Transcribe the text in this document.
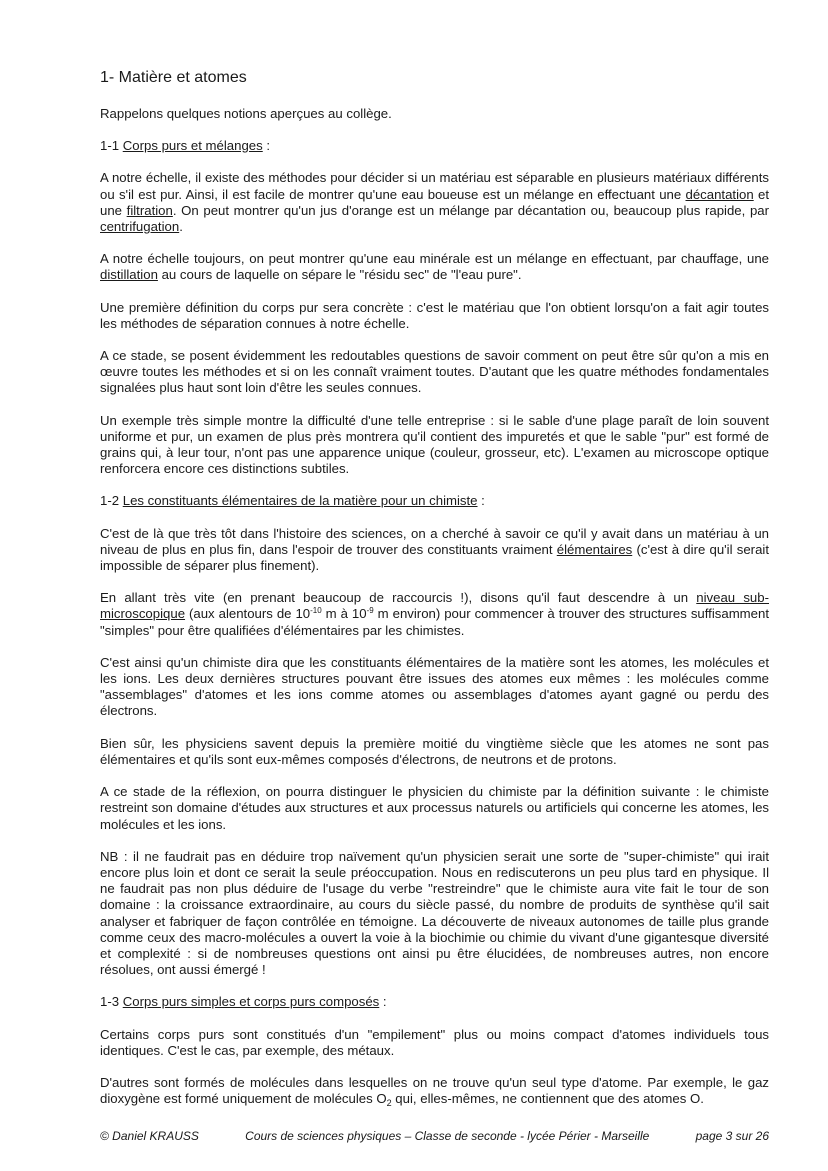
1- Matière et atomes

Rappelons quelques notions aperçues au collège.

1-1 Corps purs et mélanges :

A notre échelle, il existe des méthodes pour décider si un matériau est séparable en plusieurs matériaux différents ou s'il est pur. Ainsi, il est facile de montrer qu'une eau boueuse est un mélange en effectuant une décantation et une filtration. On peut montrer qu'un jus d'orange est un mélange par décantation ou, beaucoup plus rapide, par centrifugation.

A notre échelle toujours, on peut montrer qu'une eau minérale est un mélange en effectuant, par chauffage, une distillation au cours de laquelle on sépare le "résidu sec" de "l'eau pure".

Une première définition du corps pur sera concrète : c'est le matériau que l'on obtient lorsqu'on a fait agir toutes les méthodes de séparation connues à notre échelle.

A ce stade, se posent évidemment les redoutables questions de savoir comment on peut être sûr qu'on a mis en œuvre toutes les méthodes et si on les connaît vraiment toutes. D'autant que les quatre méthodes fondamentales signalées plus haut sont loin d'être les seules connues.

Un exemple très simple montre la difficulté d'une telle entreprise : si le sable d'une plage paraît de loin souvent uniforme et pur, un examen de plus près montrera qu'il contient des impuretés et que le sable "pur" est formé de grains qui, à leur tour, n'ont pas une apparence unique (couleur, grosseur, etc). L'examen au microscope optique renforcera encore ces distinctions subtiles.

1-2 Les constituants élémentaires de la matière pour un chimiste :

C'est de là que très tôt dans l'histoire des sciences, on a cherché à savoir ce qu'il y avait dans un matériau à un niveau de plus en plus fin, dans l'espoir de trouver des constituants vraiment élémentaires (c'est à dire qu'il serait impossible de séparer plus finement).

En allant très vite (en prenant beaucoup de raccourcis !), disons qu'il faut descendre à un niveau sub-microscopique (aux alentours de $10^{-10}$ m à $10^{-9}$ m environ) pour commencer à trouver des structures suffisamment "simples" pour être qualifiées d'élémentaires par les chimistes.

C'est ainsi qu'un chimiste dira que les constituants élémentaires de la matière sont les atomes, les molécules et les ions. Les deux dernières structures pouvant être issues des atomes eux mêmes : les molécules comme "assemblages" d'atomes et les ions comme atomes ou assemblages d'atomes ayant gagné ou perdu des électrons.

Bien sûr, les physiciens savent depuis la première moitié du vingtième siècle que les atomes ne sont pas élémentaires et qu'ils sont eux-mêmes composés d'électrons, de neutrons et de protons.

A ce stade de la réflexion, on pourra distinguer le physicien du chimiste par la définition suivante : le chimiste restreint son domaine d'études aux structures et aux processus naturels ou artificiels qui concerne les atomes, les molécules et les ions.

NB : il ne faudrait pas en déduire trop naïvement qu'un physicien serait une sorte de "super-chimiste" qui irait encore plus loin et dont ce serait la seule préoccupation. Nous en rediscuterons un peu plus tard en physique. Il ne faudrait pas non plus déduire de l'usage du verbe "restreindre" que le chimiste aura vite fait le tour de son domaine : la croissance extraordinaire, au cours du siècle passé, du nombre de produits de synthèse qu'il sait analyser et fabriquer de façon contrôlée en témoigne. La découverte de niveaux autonomes de taille plus grande comme ceux des macro-molécules a ouvert la voie à la biochimie ou chimie du vivant d'une gigantesque diversité et complexité : si de nombreuses questions ont ainsi pu être élucidées, de nombreuses autres, non encore résolues, ont aussi émergé !

1-3 Corps purs simples et corps purs composés :

Certains corps purs sont constitués d'un "empilement" plus ou moins compact d'atomes individuels tous identiques. C'est le cas, par exemple, des métaux.

D'autres sont formés de molécules dans lesquelles on ne trouve qu'un seul type d'atome. Par exemple, le gaz dioxygène est formé uniquement de molécules $O_2$ qui, elles-mêmes, ne contiennent que des atomes O.

© Daniel KRAUSS	Cours de sciences physiques – Classe de seconde - lycée Périer - Marseille	page 3 sur 26
